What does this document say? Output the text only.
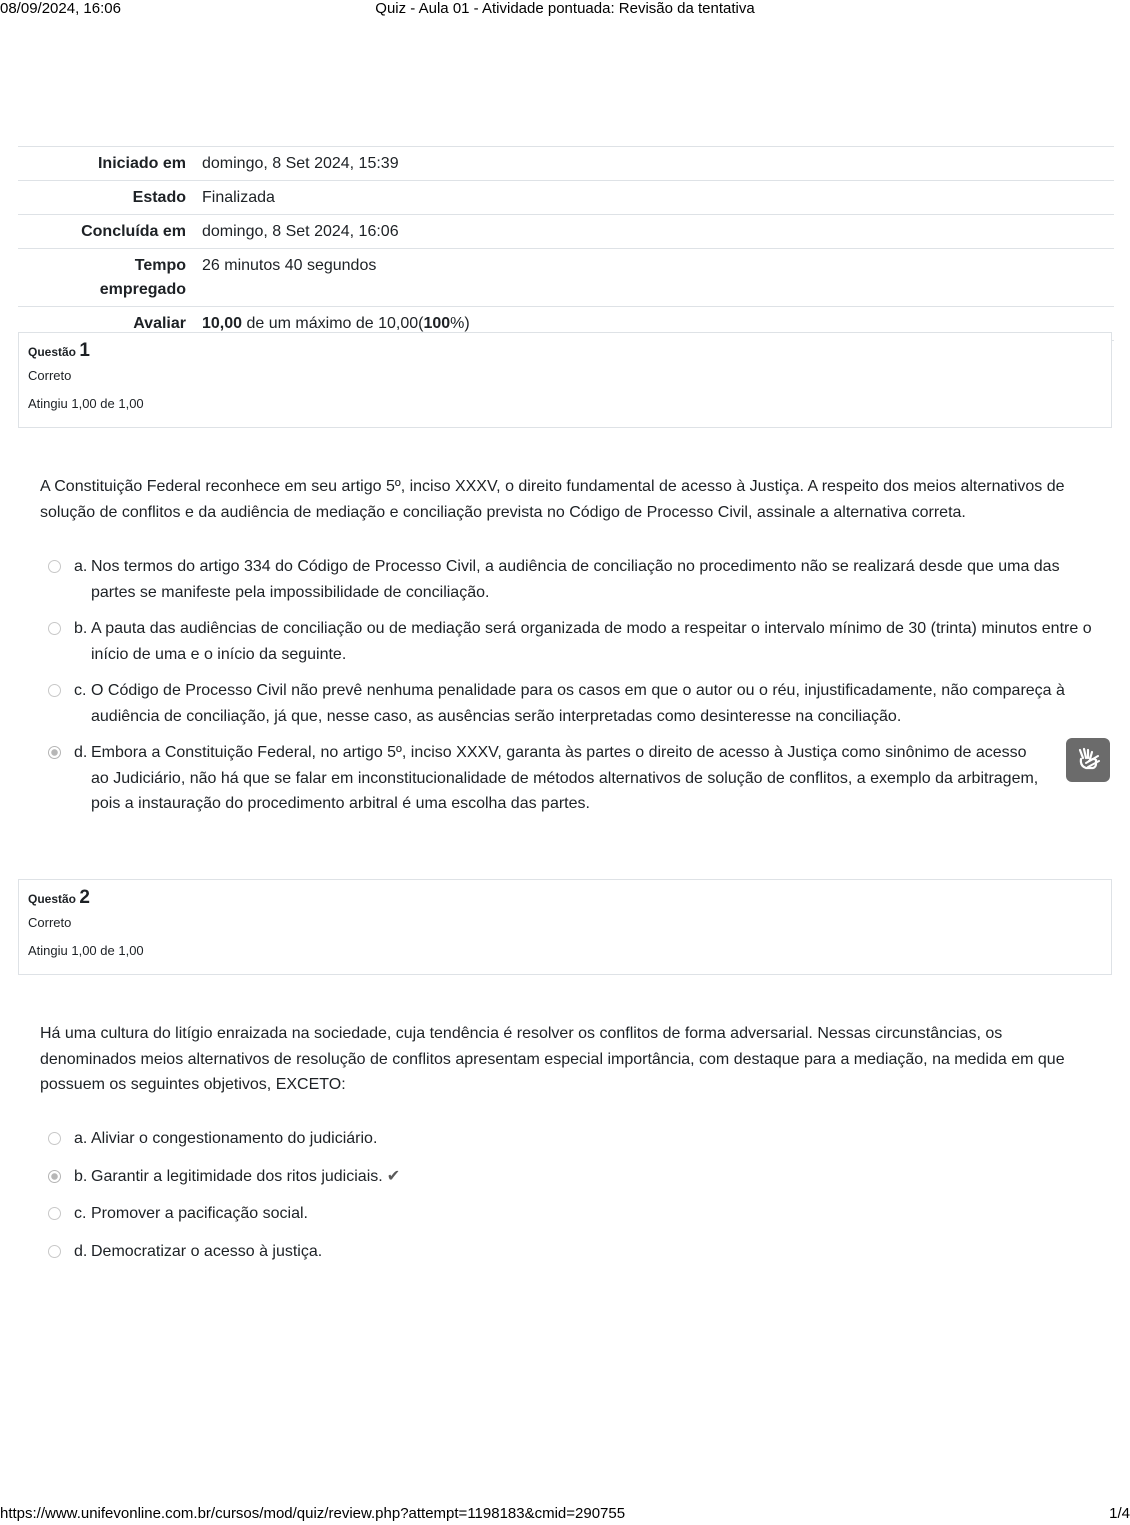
08/09/2024, 16:06	Quiz - Aula 01 - Atividade pontuada: Revisão da tentativa
Iniciado em	domingo, 8 Set 2024, 15:39
Estado	Finalizada
Concluída em	domingo, 8 Set 2024, 16:06
Tempo
empregado	26 minutos 40 segundos
Avaliar	10,00 de um máximo de 10,00(100%)
Questão 1
Correto
Atingiu 1,00 de 1,00
A Constituição Federal reconhece em seu artigo 5º, inciso XXXV, o direito fundamental de acesso à Justiça. A respeito dos meios alternativos de solução de conflitos e da audiência de mediação e conciliação prevista no Código de Processo Civil, assinale a alternativa correta.
a. Nos termos do artigo 334 do Código de Processo Civil, a audiência de conciliação no procedimento não se realizará desde que uma das partes se manifeste pela impossibilidade de conciliação.
b. A pauta das audiências de conciliação ou de mediação será organizada de modo a respeitar o intervalo mínimo de 30 (trinta) minutos entre o início de uma e o início da seguinte.
c. O Código de Processo Civil não prevê nenhuma penalidade para os casos em que o autor ou o réu, injustificadamente, não compareça à audiência de conciliação, já que, nesse caso, as ausências serão interpretadas como desinteresse na conciliação.
d. Embora a Constituição Federal, no artigo 5º, inciso XXXV, garanta às partes o direito de acesso à Justiça como sinônimo de acesso ao Judiciário, não há que se falar em inconstitucionalidade de métodos alternativos de solução de conflitos, a exemplo da arbitragem, pois a instauração do procedimento arbitral é uma escolha das partes.
Questão 2
Correto
Atingiu 1,00 de 1,00
Há uma cultura do litígio enraizada na sociedade, cuja tendência é resolver os conflitos de forma adversarial. Nessas circunstâncias, os denominados meios alternativos de resolução de conflitos apresentam especial importância, com destaque para a mediação, na medida em que possuem os seguintes objetivos, EXCETO:
a. Aliviar o congestionamento do judiciário.
b. Garantir a legitimidade dos ritos judiciais. ✔
c. Promover a pacificação social.
d. Democratizar o acesso à justiça.
https://www.unifevonline.com.br/cursos/mod/quiz/review.php?attempt=1198183&cmid=290755	1/4
